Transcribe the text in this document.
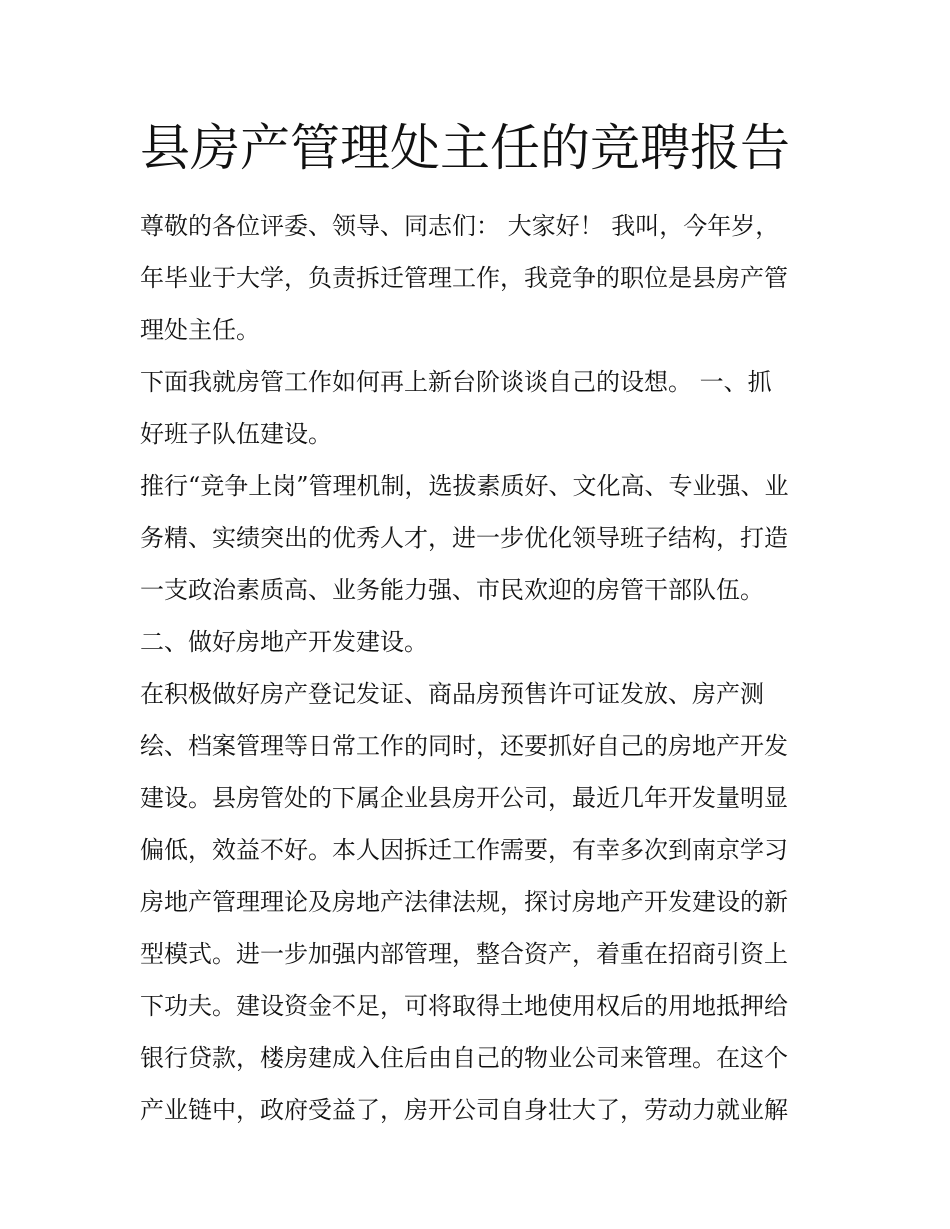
县房产管理处主任的竞聘报告
尊敬的各位评委、领导、同志们： 大家好！ 我叫，今年岁，
年毕业于大学，负责拆迁管理工作，我竞争的职位是县房产管
理处主任。
下面我就房管工作如何再上新台阶谈谈自己的设想。 一、抓
好班子队伍建设。
推行“竞争上岗”管理机制，选拔素质好、文化高、专业强、业
务精、实绩突出的优秀人才，进一步优化领导班子结构，打造
一支政治素质高、业务能力强、市民欢迎的房管干部队伍。
二、做好房地产开发建设。
在积极做好房产登记发证、商品房预售许可证发放、房产测
绘、档案管理等日常工作的同时，还要抓好自己的房地产开发
建设。县房管处的下属企业县房开公司，最近几年开发量明显
偏低，效益不好。本人因拆迁工作需要，有幸多次到南京学习
房地产管理理论及房地产法律法规，探讨房地产开发建设的新
型模式。进一步加强内部管理，整合资产，着重在招商引资上
下功夫。建设资金不足，可将取得土地使用权后的用地抵押给
银行贷款，楼房建成入住后由自己的物业公司来管理。在这个
产业链中，政府受益了，房开公司自身壮大了，劳动力就业解
